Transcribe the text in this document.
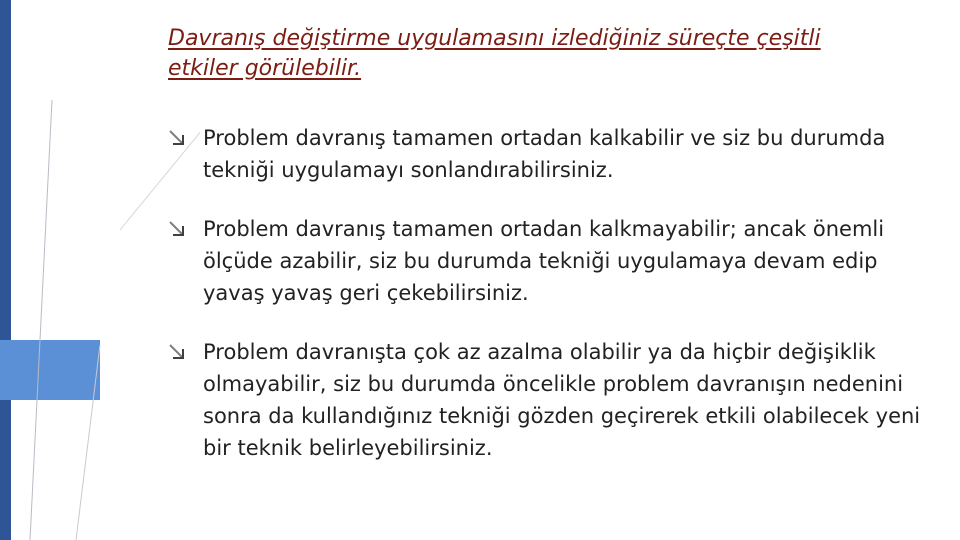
Davranış değiştirme uygulamasını izlediğiniz süreçte çeşitli etkiler görülebilir.
Problem davranış tamamen ortadan kalkabilir ve siz bu durumda tekniği uygulamayı sonlandırabilirsiniz.
Problem davranış tamamen ortadan kalkmayabilir; ancak önemli ölçüde azabilir, siz bu durumda tekniği uygulamaya devam edip yavaş yavaş geri çekebilirsiniz.
Problem davranışta çok az azalma olabilir ya da hiçbir değişiklik olmayabilir, siz bu durumda öncelikle problem davranışın nedenini sonra da kullandığınız tekniği gözden geçirerek etkili olabilecek yeni bir teknik belirleyebilirsiniz.
